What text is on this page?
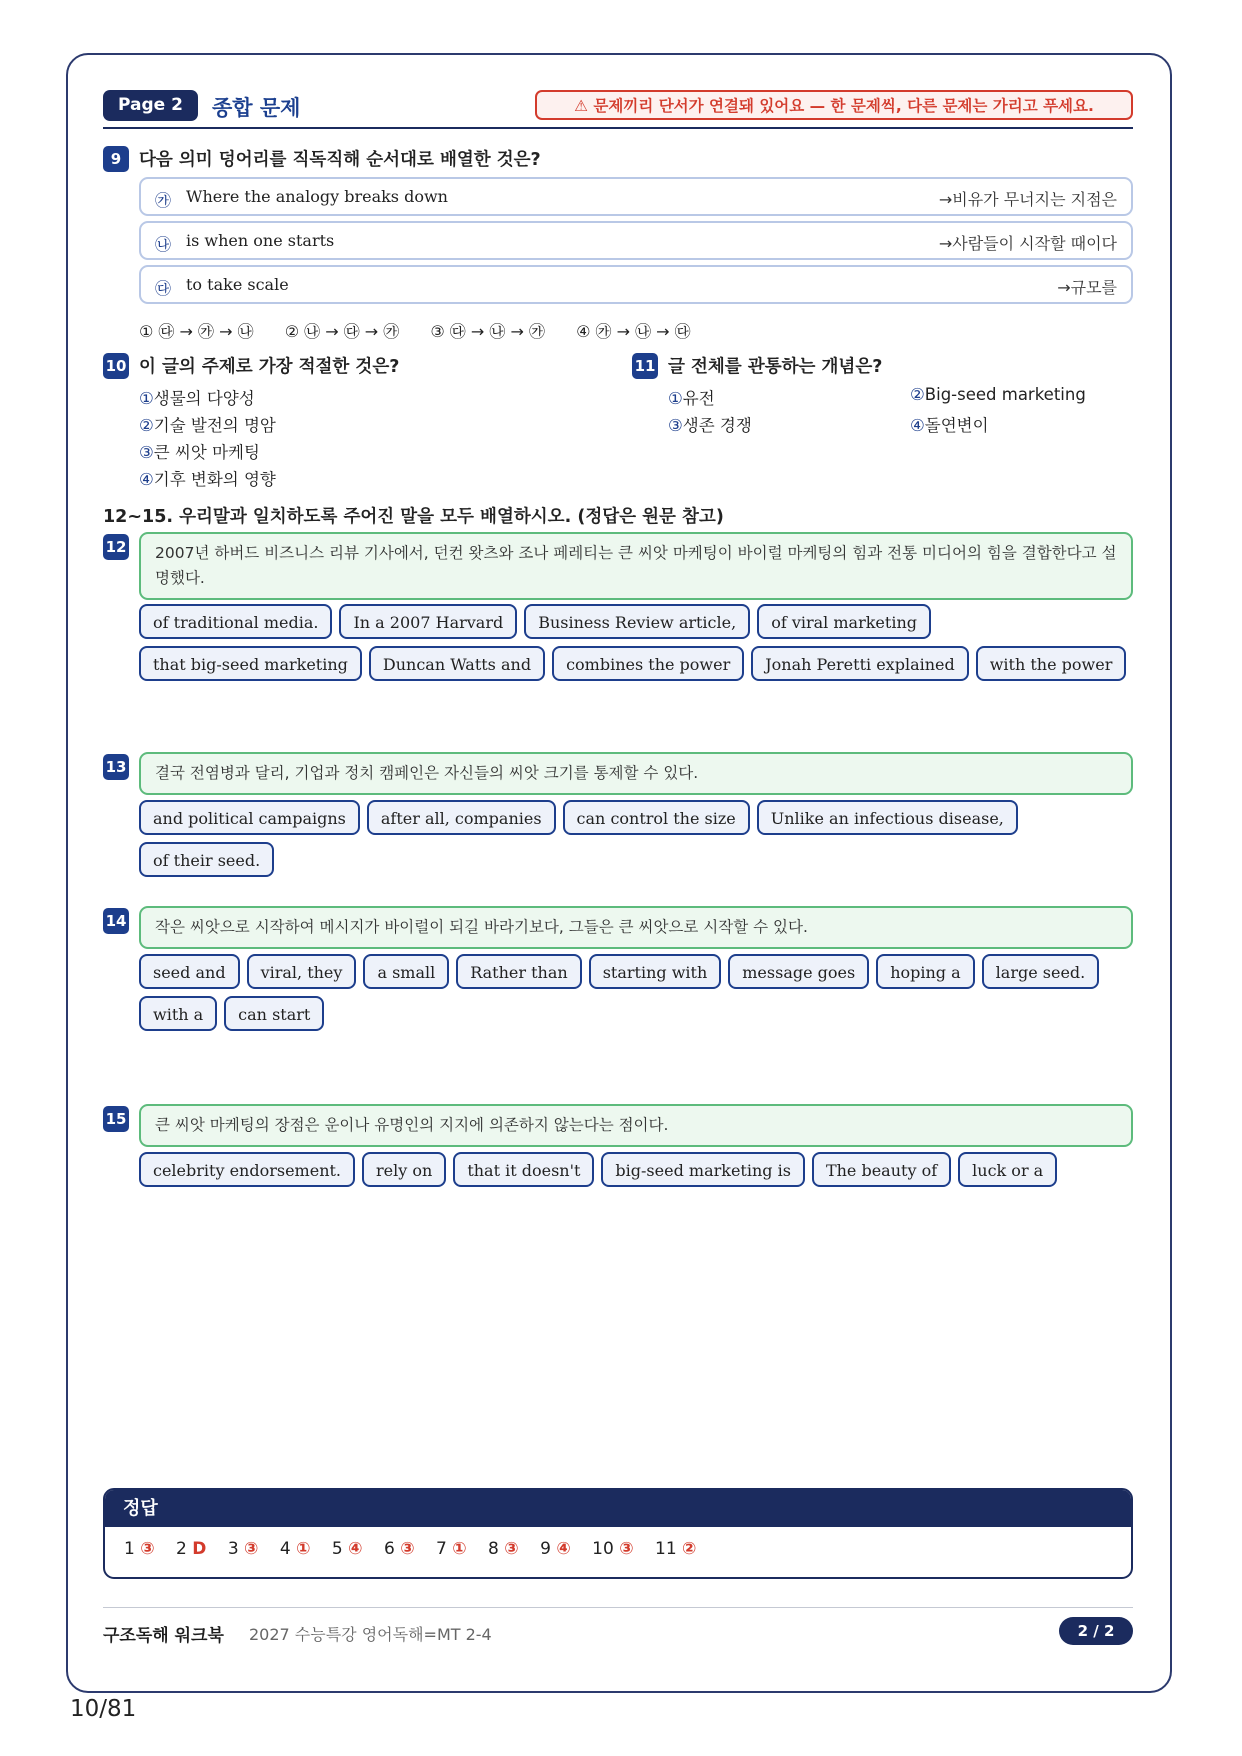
Page 2	종합 문제	⚠ 문제끼리 단서가 연결돼 있어요 — 한 문제씩, 다른 문제는 가리고 푸세요.
9	다음 의미 덩어리를 직독직해 순서대로 배열한 것은?
㉮ Where the analogy breaks down	→비유가 무너지는 지점은
㉯ is when one starts	→사람들이 시작할 때이다
㉰ to take scale	→규모를
① ㉰ → ㉮ → ㉯ ② ㉯ → ㉰ → ㉮ ③ ㉰ → ㉯ → ㉮ ④ ㉮ → ㉯ → ㉰
10 이 글의 주제로 가장 적절한 것은?
①생물의 다양성
②기술 발전의 명암
③큰 씨앗 마케팅
④기후 변화의 영향
11 글 전체를 관통하는 개념은?
①유전	②Big-seed marketing
③생존 경쟁	④돌연변이
12~15. 우리말과 일치하도록 주어진 말을 모두 배열하시오. (정답은 원문 참고)
12	2007년 하버드 비즈니스 리뷰 기사에서, 던컨 왓츠와 조나 페레티는 큰 씨앗 마케팅이 바이럴 마케팅의 힘과 전통 미디어의 힘을 결합한다고 설명했다.
of traditional media. In a 2007 Harvard Business Review article, of viral marketingthat big-seed marketing Duncan Watts and combines the power Jonah Peretti explained with the power
13	결국 전염병과 달리, 기업과 정치 캠페인은 자신들의 씨앗 크기를 통제할 수 있다.
and political campaigns after all, companies can control the size Unlike an infectious disease,of their seed.
14	작은 씨앗으로 시작하여 메시지가 바이럴이 되길 바라기보다, 그들은 큰 씨앗으로 시작할 수 있다.
seed and viral, they a small Rather than starting with message goes hoping a large seed.with a can start
15	큰 씨앗 마케팅의 장점은 운이나 유명인의 지지에 의존하지 않는다는 점이다.
celebrity endorsement. rely on that it doesn't big-seed marketing is The beauty of luck or a
정답
1 ③ 2 D 3 ③ 4 ① 5 ④ 6 ③ 7 ① 8 ③ 9 ④ 10 ③ 11 ②
구조독해 워크북 2027 수능특강 영어독해=MT 2-4	2 / 2
10/81
